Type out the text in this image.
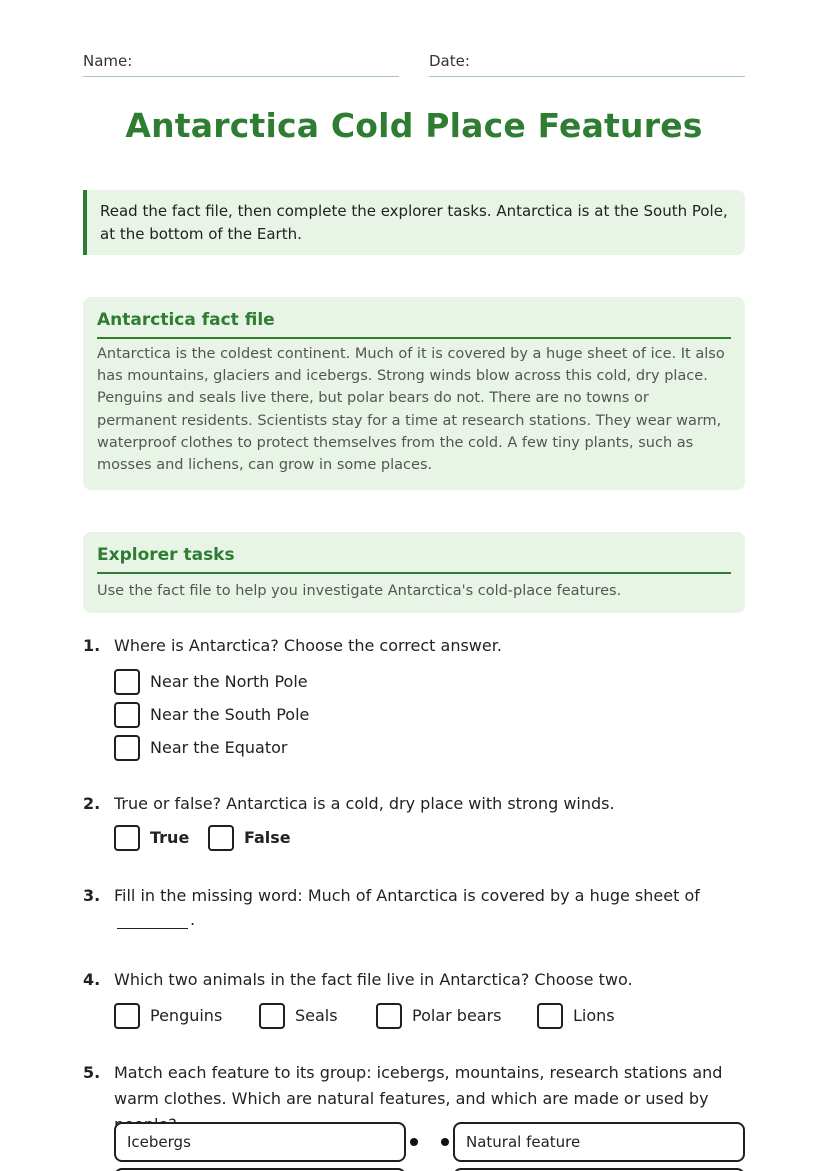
Name:	Date:
Antarctica Cold Place Features
Read the fact file, then complete the explorer tasks. Antarctica is at the South Pole, at the bottom of the Earth.
Antarctica fact file
Antarctica is the coldest continent. Much of it is covered by a huge sheet of ice. It also has mountains, glaciers and icebergs. Strong winds blow across this cold, dry place. Penguins and seals live there, but polar bears do not. There are no towns or permanent residents. Scientists stay for a time at research stations. They wear warm, waterproof clothes to protect themselves from the cold. A few tiny plants, such as mosses and lichens, can grow in some places.
Explorer tasks
Use the fact file to help you investigate Antarctica's cold-place features.
1. Where is Antarctica? Choose the correct answer.
Near the North Pole
Near the South Pole
Near the Equator
2. True or false? Antarctica is a cold, dry place with strong winds.
True	False
3. Fill in the missing word: Much of Antarctica is covered by a huge sheet of
.
4. Which two animals in the fact file live in Antarctica? Choose two.
Penguins	Seals	Polar bears	Lions
5. Match each feature to its group: icebergs, mountains, research stations and warm clothes. Which are natural features, and which are made or used by
Icebergs	Natural feature
